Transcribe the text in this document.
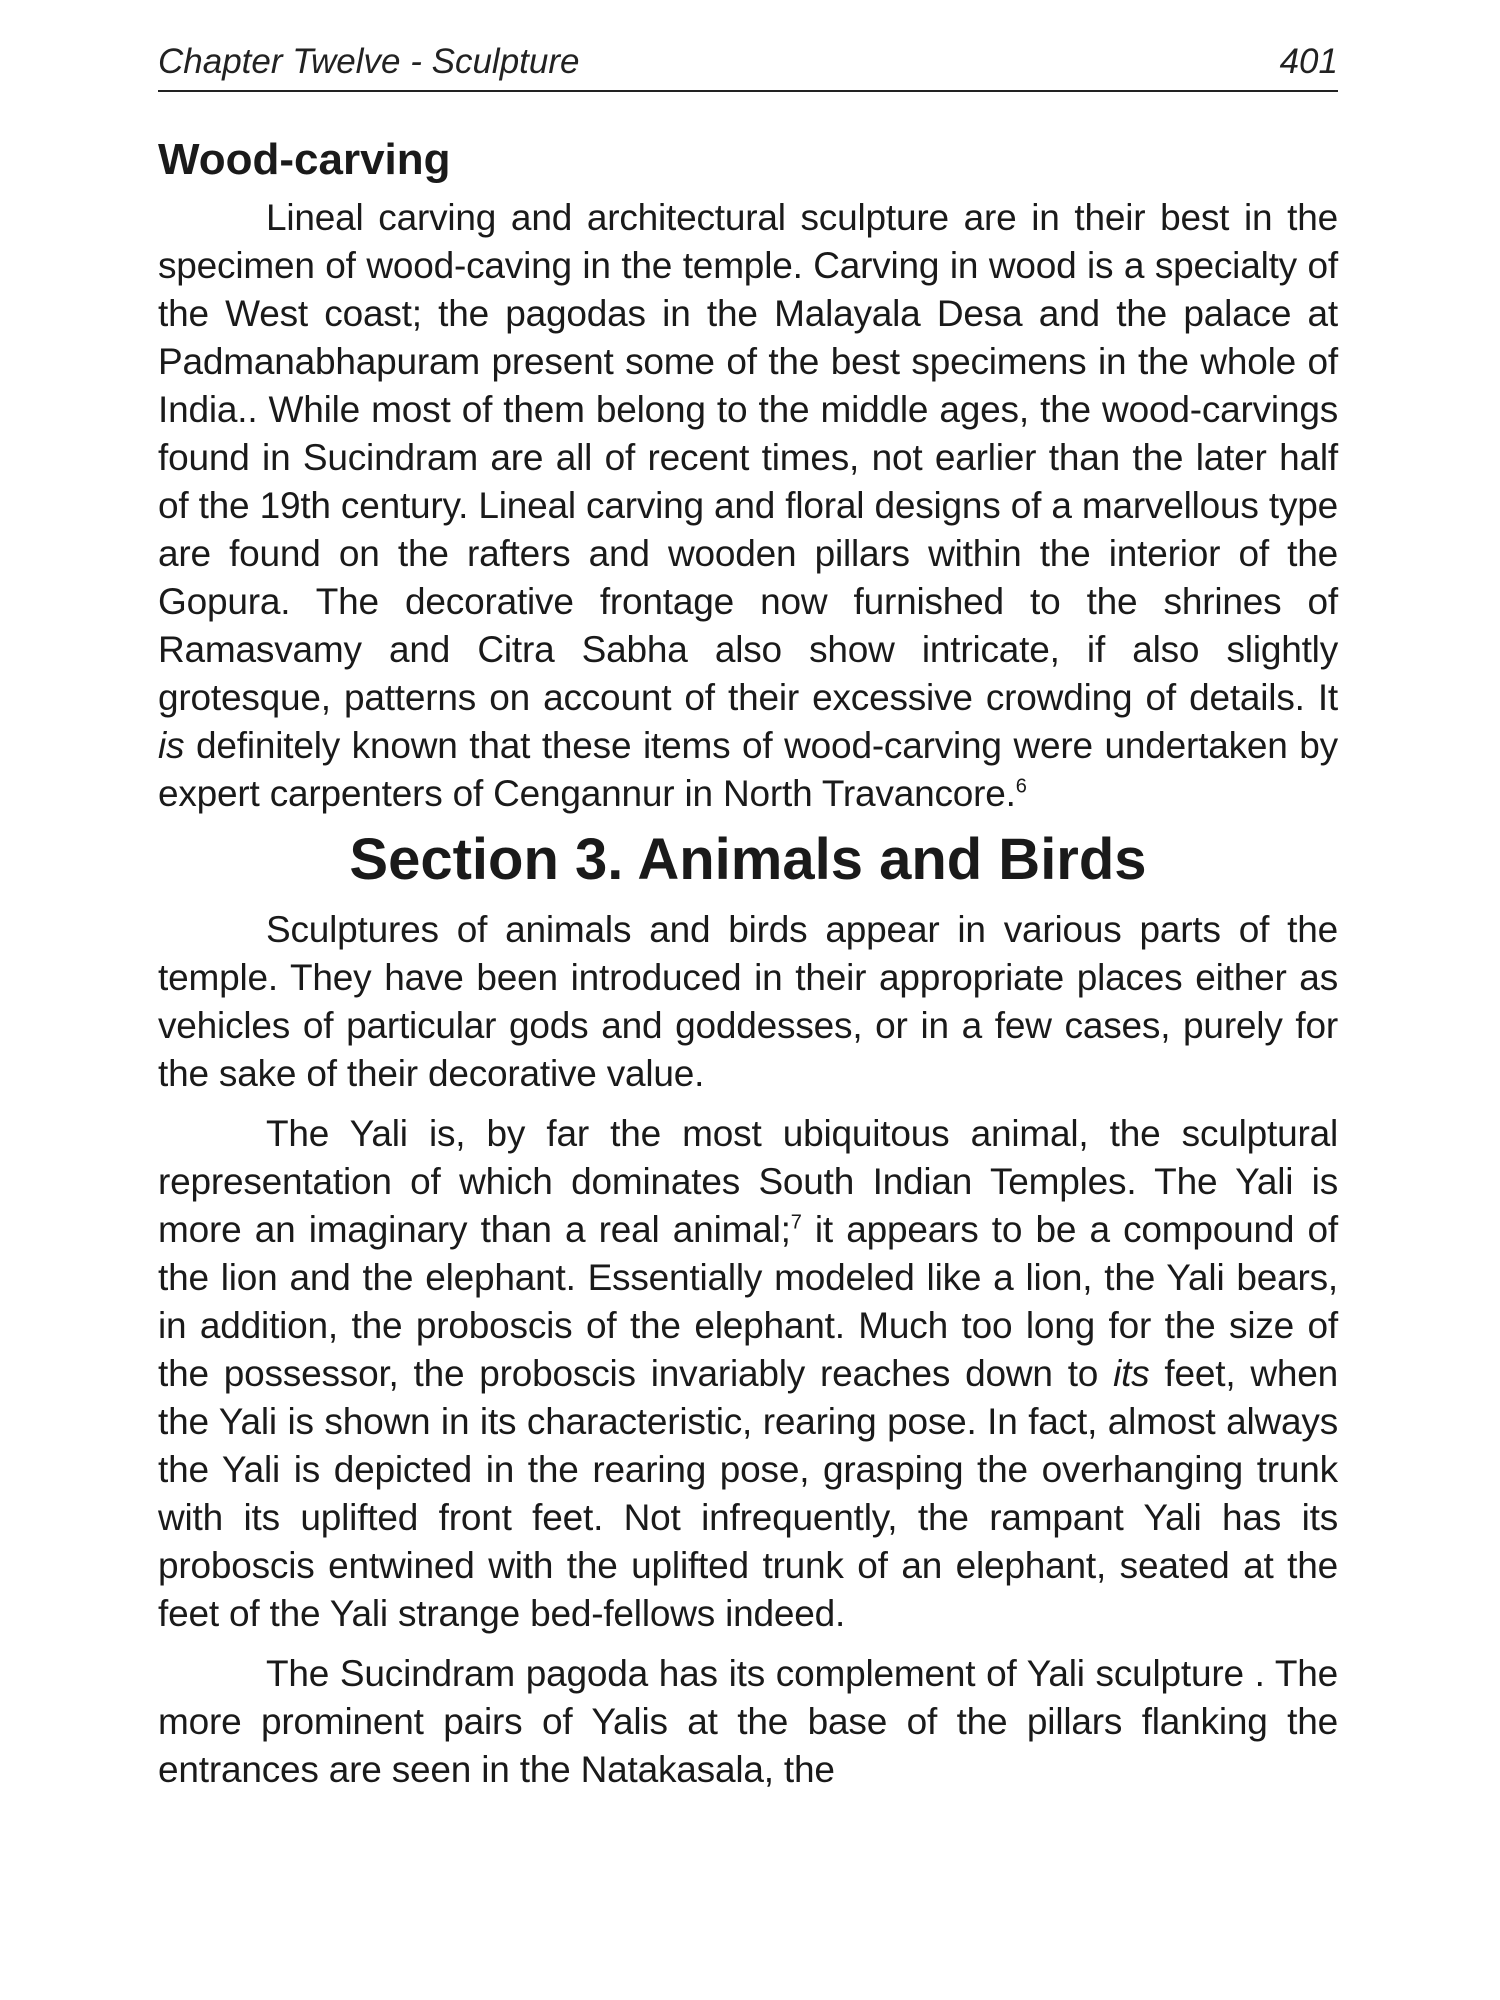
Chapter Twelve - Sculpture	401
Wood-carving

Lineal carving and architectural sculpture are in their best in the specimen of wood-caving in the temple. Carving in wood is a specialty of the West coast; the pagodas in the Malayala Desa and the palace at Padmanabhapuram present some of the best specimens in the whole of India.. While most of them belong to the middle ages, the wood-carvings found in Sucindram are all of recent times, not earlier than the later half of the 19th century. Lineal carving and floral designs of a marvellous type are found on the rafters and wooden pillars within the interior of the Gopura. The decorative frontage now furnished to the shrines of Ramasvamy and Citra Sabha also show intricate, if also slightly grotesque, patterns on account of their excessive crowding of details. It is definitely known that these items of wood-carving were undertaken by expert carpenters of Cengannur in North Travancore.$^6$

Section 3. Animals and Birds

Sculptures of animals and birds appear in various parts of the temple. They have been introduced in their appropriate places either as vehicles of particular gods and goddesses, or in a few cases, purely for the sake of their decorative value.

The Yali is, by far the most ubiquitous animal, the sculptural representation of which dominates South Indian Temples. The Yali is more an imaginary than a real animal;$^7$ it appears to be a compound of the lion and the elephant. Essentially modeled like a lion, the Yali bears, in addition, the proboscis of the elephant. Much too long for the size of the possessor, the proboscis invariably reaches down to its feet, when the Yali is shown in its characteristic, rearing pose. In fact, almost always the Yali is depicted in the rearing pose, grasping the overhanging trunk with its uplifted front feet. Not infrequently, the rampant Yali has its proboscis entwined with the uplifted trunk of an elephant, seated at the feet of the Yali strange bed-fellows indeed.

The Sucindram pagoda has its complement of Yali sculpture . The more prominent pairs of Yalis at the base of the pillars flanking the entrances are seen in the Natakasala, the
